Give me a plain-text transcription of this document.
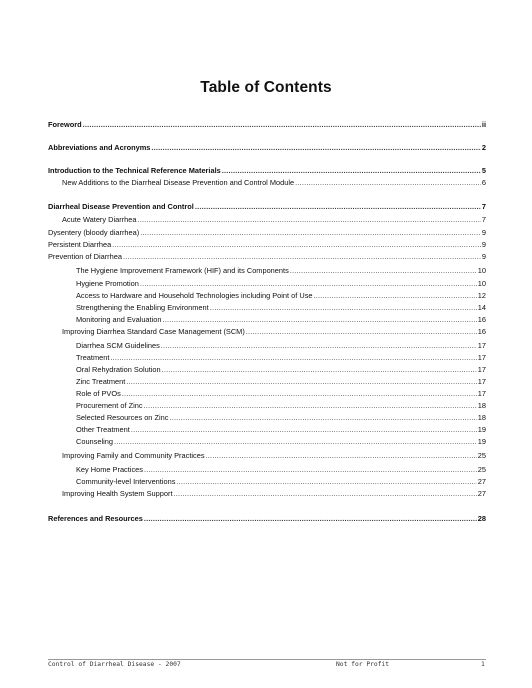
Table of Contents
Foreword .....	ii
Abbreviations and Acronyms .....	2
Introduction to the Technical Reference Materials .....	5
New Additions to the Diarrheal Disease Prevention and Control Module .....	6
Diarrheal Disease Prevention and Control .....	7
Acute Watery Diarrhea .....	7
Dysentery (bloody diarrhea) .....	9
Persistent Diarrhea .....	9
Prevention of Diarrhea .....	9
The Hygiene Improvement Framework (HIF) and its Components .....	10
Hygiene Promotion .....	10
Access to Hardware and Household Technologies including Point of Use .....	12
Strengthening the Enabling Environment .....	14
Monitoring and Evaluation .....	16
Improving Diarrhea Standard Case Management (SCM) .....	16
Diarrhea SCM Guidelines .....	17
Treatment .....	17
Oral Rehydration Solution .....	17
Zinc Treatment .....	17
Role of PVOs .....	17
Procurement of Zinc .....	18
Selected Resources on Zinc .....	18
Other Treatment .....	19
Counseling .....	19
Improving Family and Community Practices .....	25
Key Home Practices .....	25
Community-level Interventions .....	27
Improving Health System Support .....	27
References and Resources .....	28
Control of Diarrheal Disease - 2007	Not for Profit	1
